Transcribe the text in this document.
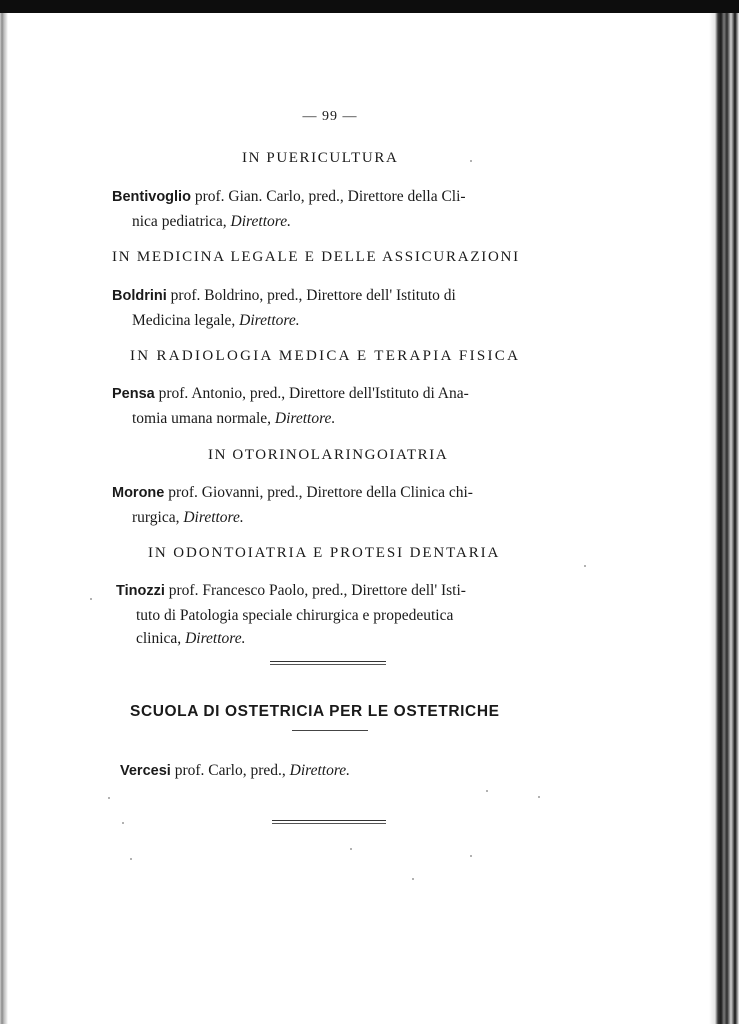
— 99 —
IN PUERICULTURA
Bentivoglio prof. Gian. Carlo, pred., Direttore della Cli-
nica pediatrica, Direttore.
IN MEDICINA LEGALE E DELLE ASSICURAZIONI
Boldrini prof. Boldrino, pred., Direttore dell' Istituto di
Medicina legale, Direttore.
IN RADIOLOGIA MEDICA E TERAPIA FISICA
Pensa prof. Antonio, pred., Direttore dell'Istituto di Ana-
tomia umana normale, Direttore.
IN OTORINOLARINGOIATRIA
Morone prof. Giovanni, pred., Direttore della Clinica chi-
rurgica, Direttore.
IN ODONTOIATRIA E PROTESI DENTARIA
Tinozzi prof. Francesco Paolo, pred., Direttore dell' Isti-
tuto di Patologia speciale chirurgica e propedeutica
clinica, Direttore.
SCUOLA DI OSTETRICIA PER LE OSTETRICHE
Vercesi prof. Carlo, pred., Direttore.
